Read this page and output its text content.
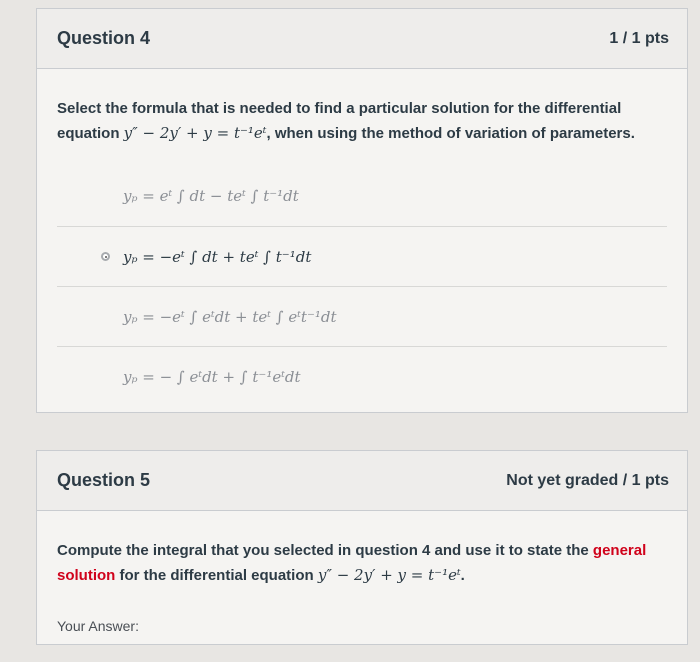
Question 4	1 / 1 pts

Select the formula that is needed to find a particular solution for the differential
equation y″ − 2y′ + y = t⁻¹eᵗ, when using the method of variation of parameters.

yₚ = eᵗ ∫ dt − teᵗ ∫ t⁻¹dt
yₚ = −eᵗ ∫ dt + teᵗ ∫ t⁻¹dt
yₚ = −eᵗ ∫ eᵗdt + teᵗ ∫ eᵗt⁻¹dt
yₚ = − ∫ eᵗdt + ∫ t⁻¹eᵗdt
Question 5	Not yet graded / 1 pts

Compute the integral that you selected in question 4 and use it to state the general
solution for the differential equation y″ − 2y′ + y = t⁻¹eᵗ.

Your Answer:
